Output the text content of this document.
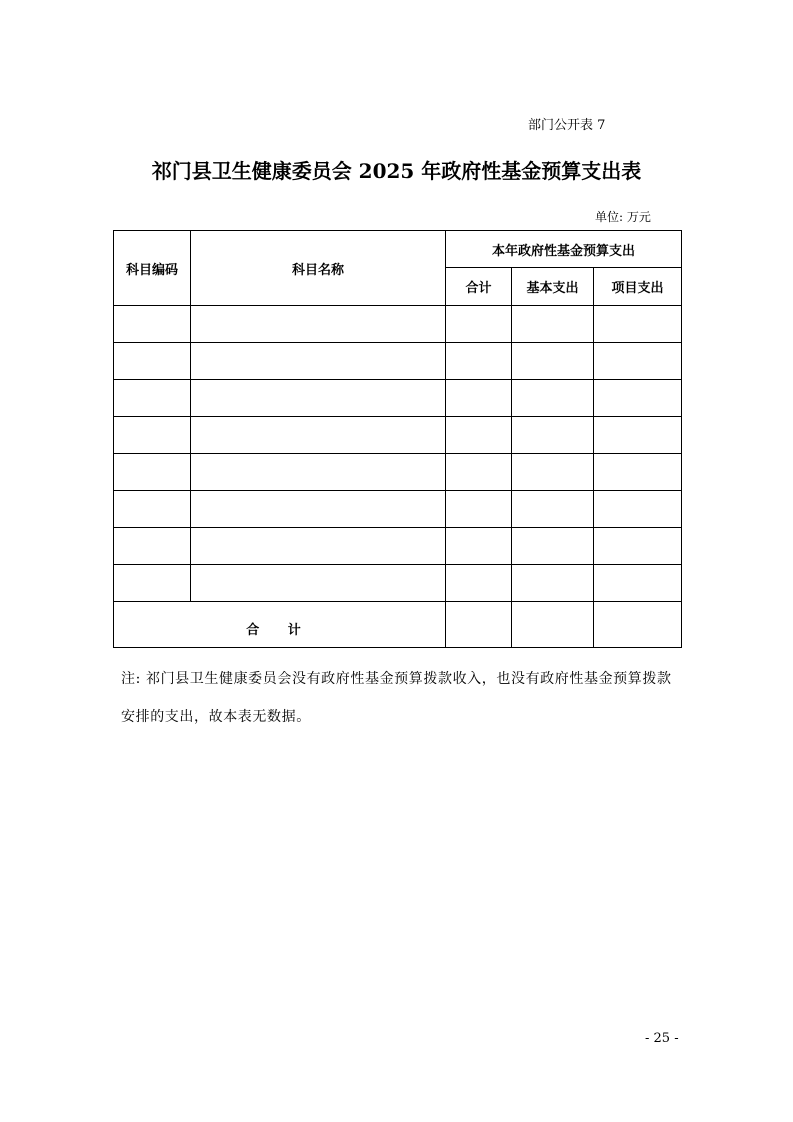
部门公开表 7
祁门县卫生健康委员会 2025 年政府性基金预算支出表
单位: 万元
科目编码	科目名称	本年政府性基金预算支出		
		合计	基本支出	项目支出

合 计				
注: 祁门县卫生健康委员会没有政府性基金预算拨款收入，也没有政府性基金预算拨款安排的支出，故本表无数据。
- 25 -
